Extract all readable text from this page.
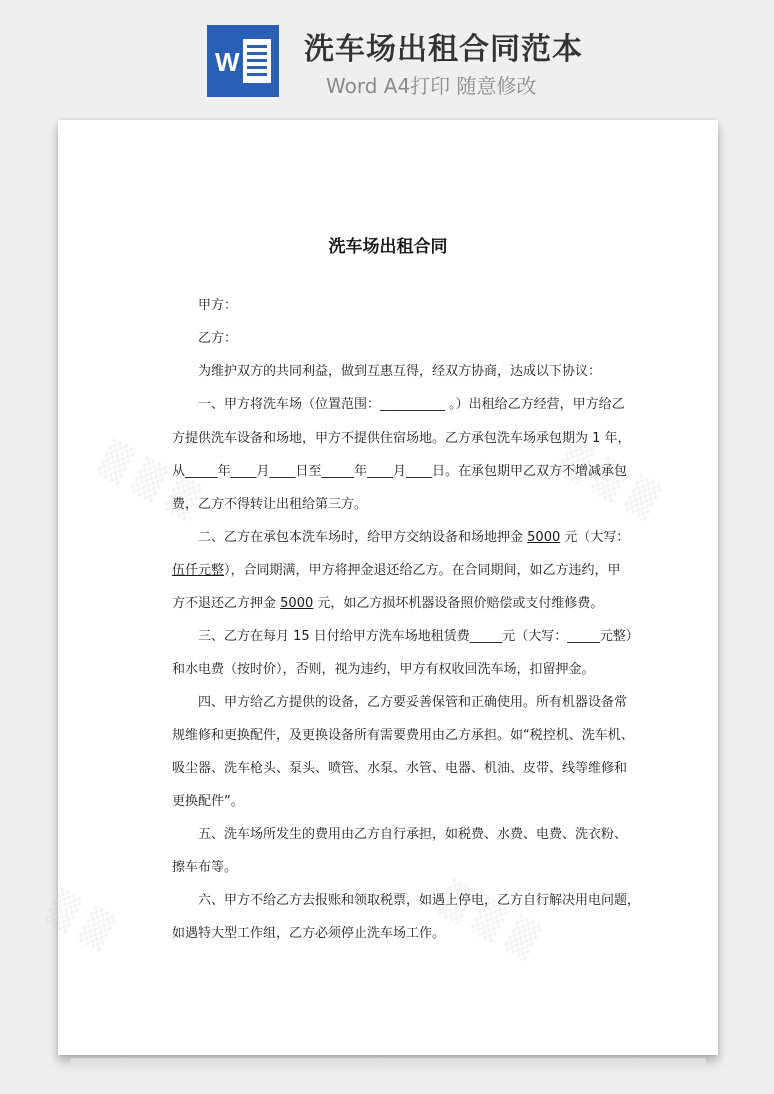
W 洗车场出租合同范本
Word A4打印 随意修改
▒ ▒ ▒	▒ ▒ ▒
▒ ▒	▒ ▒ ▒
洗车场出租合同
甲方：
乙方：
为维护双方的共同利益，做到互惠互得，经双方协商，达成以下协议：
一、甲方将洗车场（位置范围：__________ 。）出租给乙方经营，甲方给乙
方提供洗车设备和场地，甲方不提供住宿场地。乙方承包洗车场承包期为 1 年，
从_____年____月____日至_____年____月____日。在承包期甲乙双方不增减承包
费，乙方不得转让出租给第三方。
二、乙方在承包本洗车场时，给甲方交纳设备和场地押金 5000 元（大写：
伍仟元整），合同期满，甲方将押金退还给乙方。在合同期间，如乙方违约，甲
方不退还乙方押金 5000 元，如乙方损坏机器设备照价赔偿或支付维修费。
三、乙方在每月 15 日付给甲方洗车场地租赁费_____元（大写：_____元整）
和水电费（按时价），否则，视为违约，甲方有权收回洗车场，扣留押金。
四、甲方给乙方提供的设备，乙方要妥善保管和正确使用。所有机器设备常
规维修和更换配件，及更换设备所有需要费用由乙方承担。如“税控机、洗车机、
吸尘器、洗车枪头、泵头、喷管、水泵、水管、电器、机油、皮带、线等维修和
更换配件”。
五、洗车场所发生的费用由乙方自行承担，如税费、水费、电费、洗衣粉、
擦车布等。
六、甲方不给乙方去报账和领取税票，如遇上停电，乙方自行解决用电问题，
如遇特大型工作组，乙方必须停止洗车场工作。
